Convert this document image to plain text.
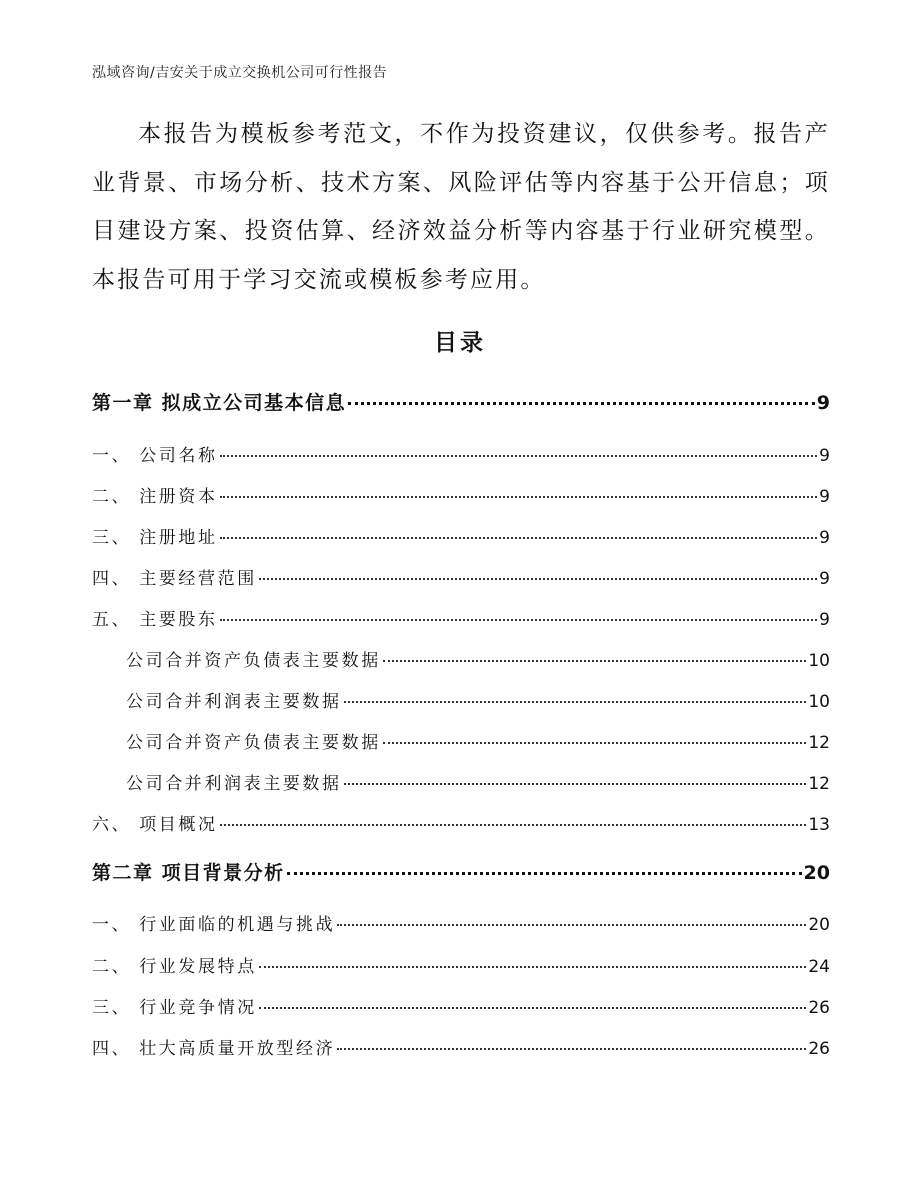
泓域咨询/吉安关于成立交换机公司可行性报告
本报告为模板参考范文，不作为投资建议，仅供参考。报告产业背景、市场分析、技术方案、风险评估等内容基于公开信息；项目建设方案、投资估算、经济效益分析等内容基于行业研究模型。本报告可用于学习交流或模板参考应用。
目录
第一章 拟成立公司基本信息	9
一、 公司名称	9
二、 注册资本	9
三、 注册地址	9
四、 主要经营范围	9
五、 主要股东	9
公司合并资产负债表主要数据	10
公司合并利润表主要数据	10
公司合并资产负债表主要数据	12
公司合并利润表主要数据	12
六、 项目概况	13
第二章 项目背景分析	20
一、 行业面临的机遇与挑战	20
二、 行业发展特点	24
三、 行业竞争情况	26
四、 壮大高质量开放型经济	26
